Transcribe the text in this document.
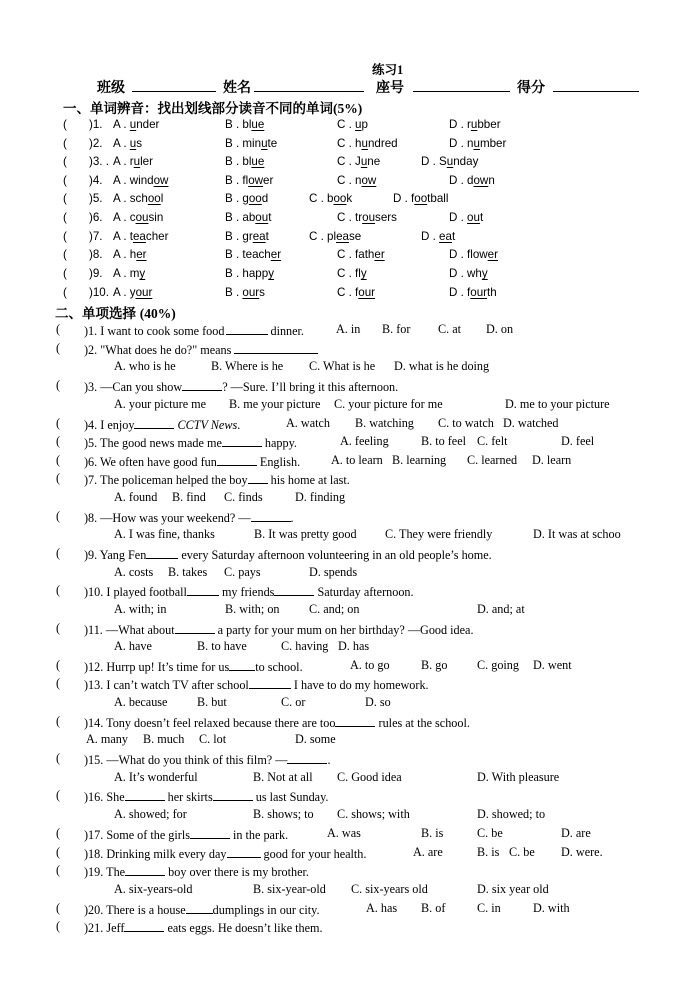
练习1
班级	姓名	座号	得分
一、单词辨音：找出划线部分读音不同的单词(5%)
( )1. A . under	B . blue	C . up	D . rubber
( )2. A . us	B . minute	C . hundred	D . number
( )3. . A . ruler	B . blue	C . June	D . Sunday
( )4. A . window	B . flower	C . now	D . down
( )5. A . school	B . good	C . book	D . football
( )6. A . cousin	B . about	C . trousers	D . out
( )7. A . teacher	B . great	C . please	D . eat
( )8. A . her	B . teacher	C . father	D . flower
( )9. A . my	B . happy	C . fly	D . why
( )10. A . your	B . ours	C . four	D . fourth
二、单项选择 (40%)
( )1. I want to cook some food	dinner.	A. in B. for C. at D. on
( )2. "What does he do?" means
A. who is he	B. Where is he C. What is he D. what is he doing
( )3. —Can you show	? —Sure. I’ll bring it this afternoon.
A. your picture me B. me your picture C. your picture for me	D. me to your picture
( )4. I enjoy	CCTV News.	A. watch B. watching C. to watch D. watched
( )5. The good news made me	happy.	A. feeling	B. to feel C. felt	D. feel
( )6. We often have good fun	English.	A. to learn B. learning C. learned D. learn
( )7. The policeman helped the boy his home at last.
A. found B. find C. finds	D. finding
( )8. —How was your weekend? —	.
A. I was fine, thanks	B. It was pretty good C. They were friendly	D. It was at schoo
( )9. Yang Fen	every Saturday afternoon volunteering in an old people’s home.
A. costs B. takes C. pays	D. spends
( )10. I played football	my friends	Saturday afternoon.
A. with; in	B. with; on C. and; on	D. and; at
( )11. —What about	a party for your mum on her birthday? —Good idea.
A. have	B. to have	C. having D. has
( )12. Hurrp up! It’s time for us to school.	A. to go	B. go C. going D. went
( )13. I can’t watch TV after school	I have to do my homework.
A. because B. but	C. or	D. so
( )14. Tony doesn’t feel relaxed because there are too	rules at the school.
A. many B. much C. lot	D. some
( )15. —What do you think of this film? —	.
A. It’s wonderful	B. Not at all C. Good idea	D. With pleasure
( )16. She	her skirts	us last Sunday.
A. showed; for	B. shows; to C. shows; with	D. showed; to
( )17. Some of the girls	in the park.	A. was	B. is	C. be	D. are
( )18. Drinking milk every day	good for your health.	A. are	B. is C. be D. were.
( )19. The	boy over there is my brother.
A. six-years-old	B. six-year-old C. six-years old	D. six year old
( )20. There is a house dumplings in our city.	A. has B. of	C. in	D. with
( )21. Jeff	eats eggs. He doesn’t like them.
